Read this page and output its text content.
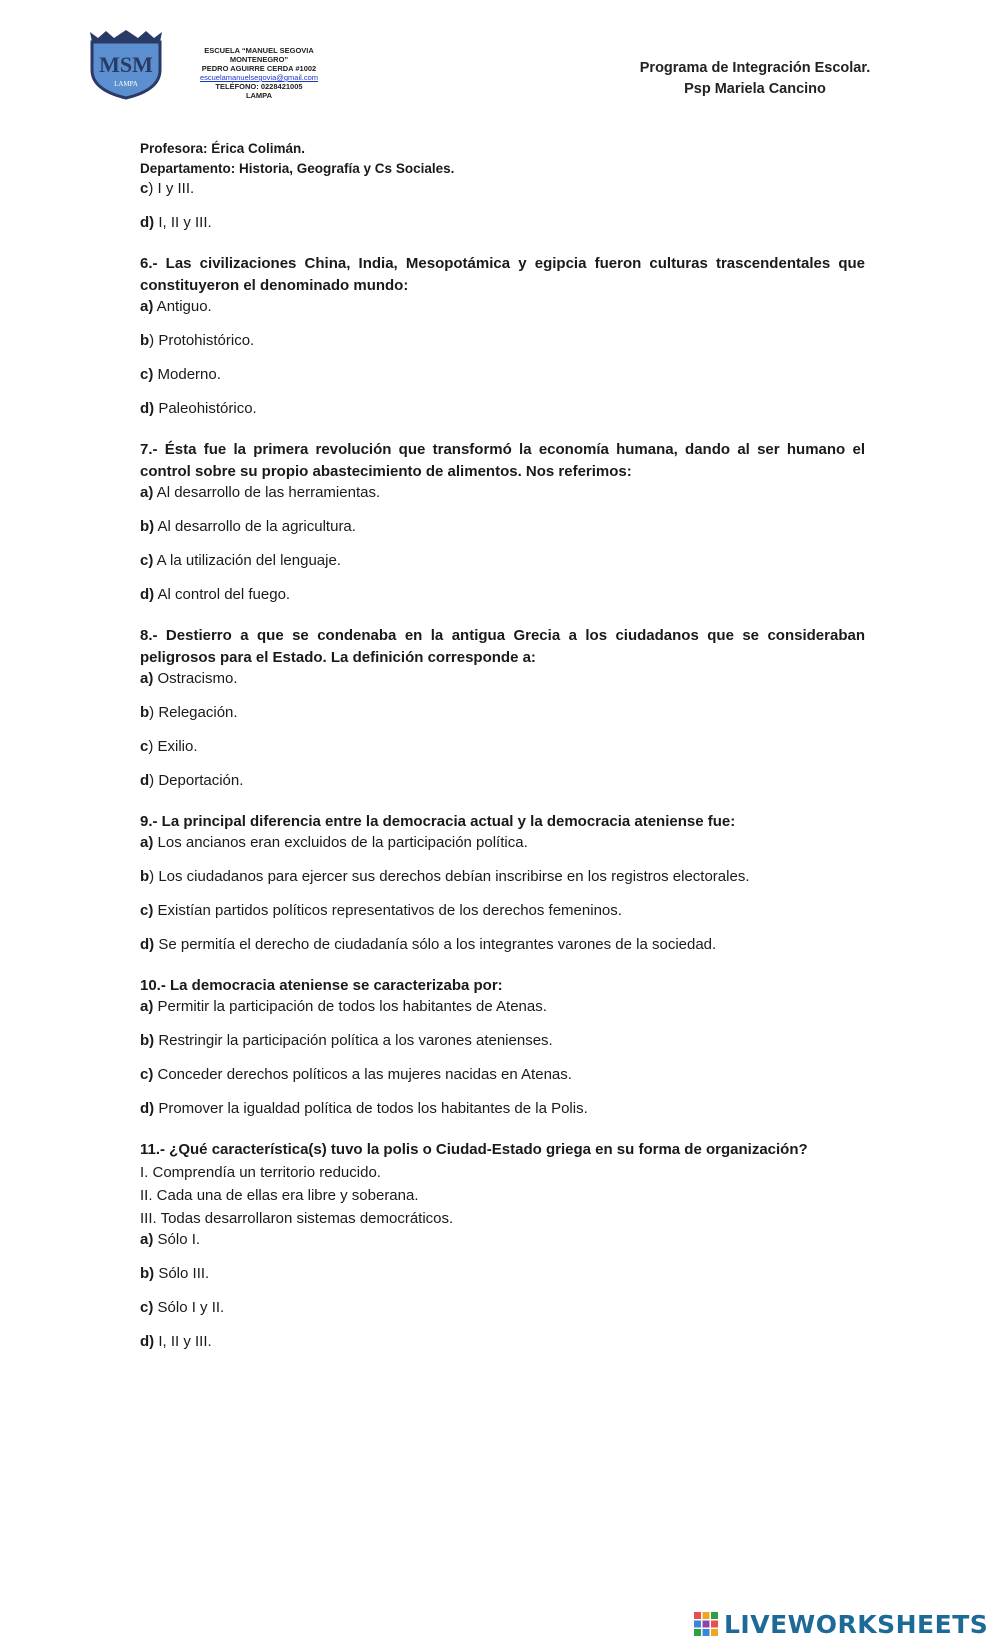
MSM
LAMPA
ESCUELA “MANUEL SEGOVIA
MONTENEGRO”
PEDRO AGUIRRE CERDA #1002
escuelamanuelsegovia@gmail.com
TELÉFONO: 0228421005
LAMPA
Programa de Integración Escolar.
Psp Mariela Cancino
Profesora: Érica Colimán.
Departamento: Historia, Geografía y Cs Sociales.
c) I y III.
d) I, II y III.
6.- Las civilizaciones China, India, Mesopotámica y egipcia fueron culturas trascendentales que constituyeron el denominado mundo:
a) Antiguo.
b) Protohistórico.
c) Moderno.
d) Paleohistórico.
7.- Ésta fue la primera revolución que transformó la economía humana, dando al ser humano el control sobre su propio abastecimiento de alimentos. Nos referimos:
a) Al desarrollo de las herramientas.
b) Al desarrollo de la agricultura.
c) A la utilización del lenguaje.
d) Al control del fuego.
8.- Destierro a que se condenaba en la antigua Grecia a los ciudadanos que se consideraban peligrosos para el Estado. La definición corresponde a:
a) Ostracismo.
b) Relegación.
c) Exilio.
d) Deportación.
9.- La principal diferencia entre la democracia actual y la democracia ateniense fue:
a) Los ancianos eran excluidos de la participación política.
b) Los ciudadanos para ejercer sus derechos debían inscribirse en los registros electorales.
c) Existían partidos políticos representativos de los derechos femeninos.
d) Se permitía el derecho de ciudadanía sólo a los integrantes varones de la sociedad.
10.- La democracia ateniense se caracterizaba por:
a) Permitir la participación de todos los habitantes de Atenas.
b) Restringir la participación política a los varones atenienses.
c) Conceder derechos políticos a las mujeres nacidas en Atenas.
d) Promover la igualdad política de todos los habitantes de la Polis.
11.- ¿Qué característica(s) tuvo la polis o Ciudad-Estado griega en su forma de organización?
I. Comprendía un territorio reducido.
II. Cada una de ellas era libre y soberana.
III. Todas desarrollaron sistemas democráticos.
a) Sólo I.
b) Sólo III.
c) Sólo I y II.
d) I, II y III.
LIVEWORKSHEETS
